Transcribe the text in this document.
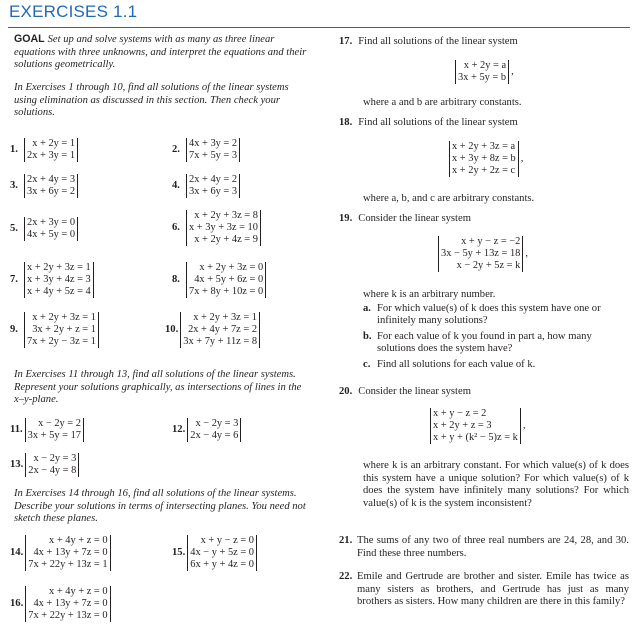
EXERCISES 1.1
GOAL Set up and solve systems with as many as three linear equations with three unknowns, and interpret the equations and their solutions geometrically.
In Exercises 1 through 10, find all solutions of the linear systems using elimination as discussed in this section. Then check your solutions.
1.
x + 2y = 1
2x + 3y = 1
2.
4x + 3y = 2
7x + 5y = 3
3.
2x + 4y = 3
3x + 6y = 2
4.
2x + 4y = 2
3x + 6y = 3
5.
2x + 3y = 0
4x + 5y = 0
6.
x + 2y + 3z = 8
x + 3y + 3z = 10
x + 2y + 4z = 9
7.
x + 2y + 3z = 1
x + 3y + 4z = 3
x + 4y + 5z = 4
8.
x + 2y + 3z = 0
4x + 5y + 6z = 0
7x + 8y + 10z = 0
9.
x + 2y + 3z = 1
3x + 2y + z = 1
7x + 2y − 3z = 1
10.
x + 2y + 3z = 1
2x + 4y + 7z = 2
3x + 7y + 11z = 8
In Exercises 11 through 13, find all solutions of the linear systems. Represent your solutions graphically, as intersections of lines in the x–y-plane.
11.
x − 2y = 2
3x + 5y = 17
12.
x − 2y = 3
2x − 4y = 6
13.
x − 2y = 3
2x − 4y = 8
In Exercises 14 through 16, find all solutions of the linear systems. Describe your solutions in terms of intersecting planes. You need not sketch these planes.
14.
x + 4y + z = 0
4x + 13y + 7z = 0
7x + 22y + 13z = 1
15.
x + y − z = 0
4x − y + 5z = 0
6x + y + 4z = 0
16.
x + 4y + z = 0
4x + 13y + 7z = 0
7x + 22y + 13z = 0
17. Find all solutions of the linear system
x + 2y = a
3x + 5y = b
,
where a and b are arbitrary constants.
18. Find all solutions of the linear system
x + 2y + 3z = a
x + 3y + 8z = b
x + 2y + 2z = c
,
where a, b, and c are arbitrary constants.
19. Consider the linear system
x + y − z = −2
3x − 5y + 13z = 18
x − 2y + 5z = k
,
where k is an arbitrary number.
a. For which value(s) of k does this system have one or infinitely many solutions?
b. For each value of k you found in part a, how many solutions does the system have?
c. Find all solutions for each value of k.
20. Consider the linear system
x + y − z = 2
x + 2y + z = 3
x + y + (k² − 5)z = k
,
where k is an arbitrary constant. For which value(s) of k does this system have a unique solution? For which value(s) of k does the system have infinitely many solutions? For which value(s) of k is the system inconsistent?
21. The sums of any two of three real numbers are 24, 28, and 30. Find these three numbers.
22. Emile and Gertrude are brother and sister. Emile has twice as many sisters as brothers, and Gertrude has just as many brothers as sisters. How many children are there in this family?
